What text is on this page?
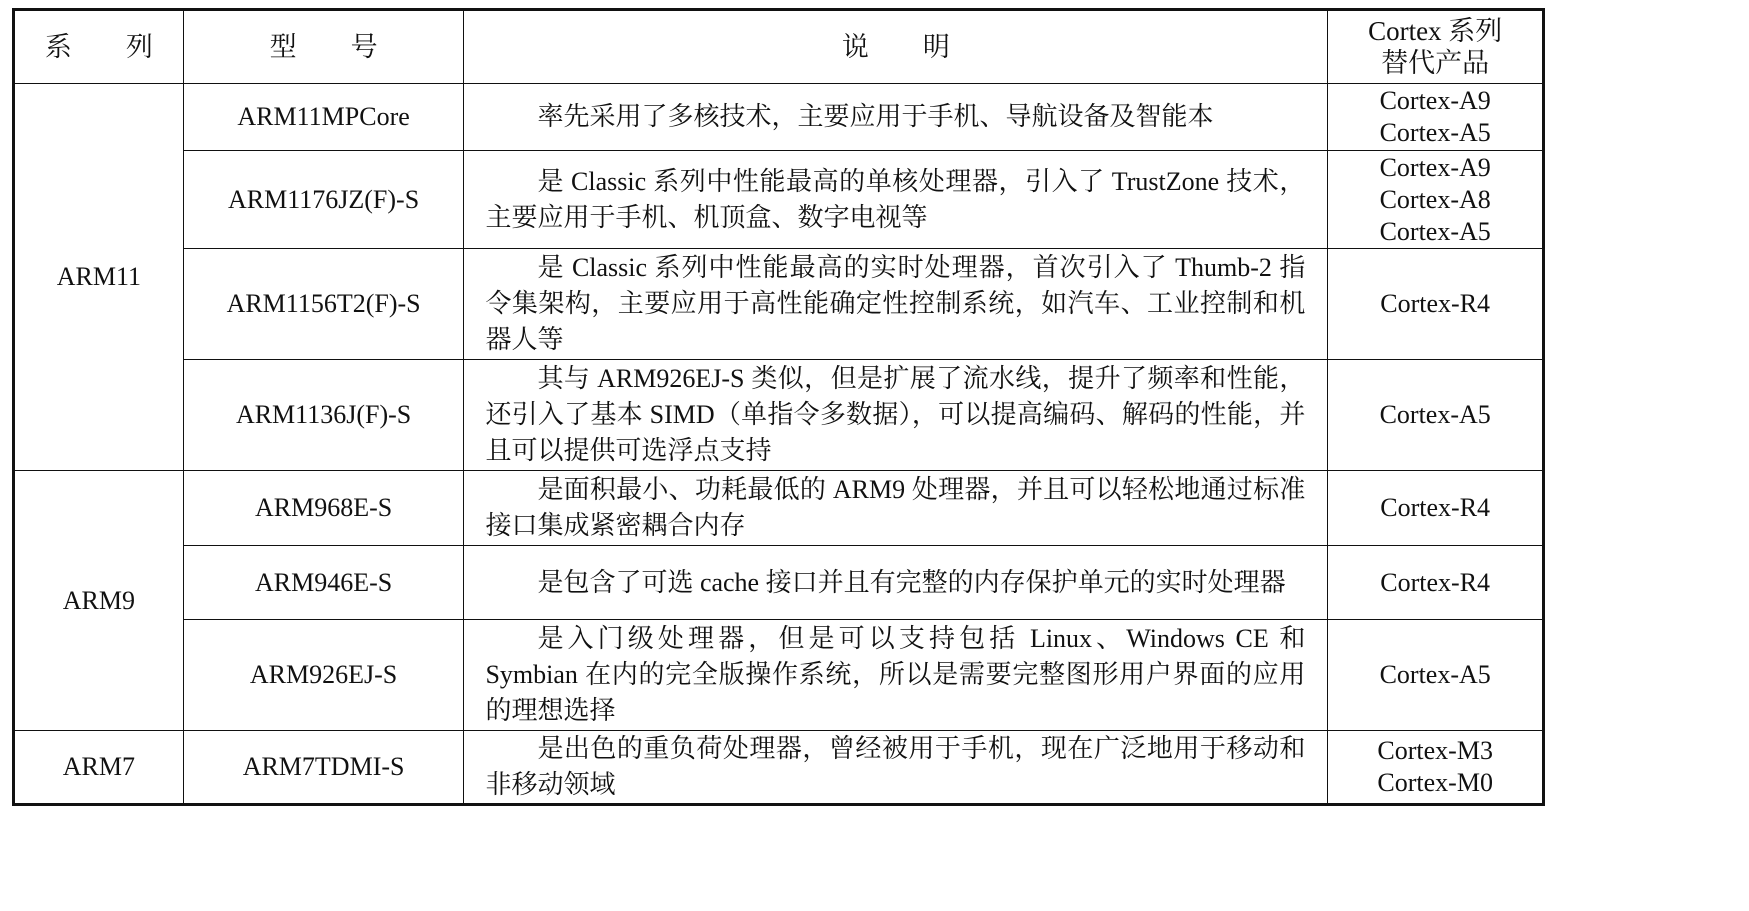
系　　列	型　　号	说　　明	Cortex 系列
替代产品
ARM11	ARM11MPCore	率先采用了多核技术，主要应用于手机、导航设备及智能本	Cortex-A9
Cortex-A5
	ARM1176JZ(F)-S	是 Classic 系列中性能最高的单核处理器，引入了 TrustZone 技术，主要应用于手机、机顶盒、数字电视等	Cortex-A9
Cortex-A8
Cortex-A5
	ARM1156T2(F)-S	是 Classic 系列中性能最高的实时处理器，首次引入了 Thumb-2 指令集架构，主要应用于高性能确定性控制系统，如汽车、工业控制和机器人等	Cortex-R4
	ARM1136J(F)-S	其与 ARM926EJ-S 类似，但是扩展了流水线，提升了频率和性能，还引入了基本 SIMD（单指令多数据），可以提高编码、解码的性能，并且可以提供可选浮点支持	Cortex-A5
ARM9	ARM968E-S	是面积最小、功耗最低的 ARM9 处理器，并且可以轻松地通过标准接口集成紧密耦合内存	Cortex-R4
	ARM946E-S	是包含了可选 cache 接口并且有完整的内存保护单元的实时处理器	Cortex-R4
	ARM926EJ-S	是入门级处理器，但是可以支持包括 Linux、Windows CE 和 Symbian 在内的完全版操作系统，所以是需要完整图形用户界面的应用的理想选择	Cortex-A5
ARM7	ARM7TDMI-S	是出色的重负荷处理器，曾经被用于手机，现在广泛地用于移动和非移动领域	Cortex-M3
Cortex-M0
